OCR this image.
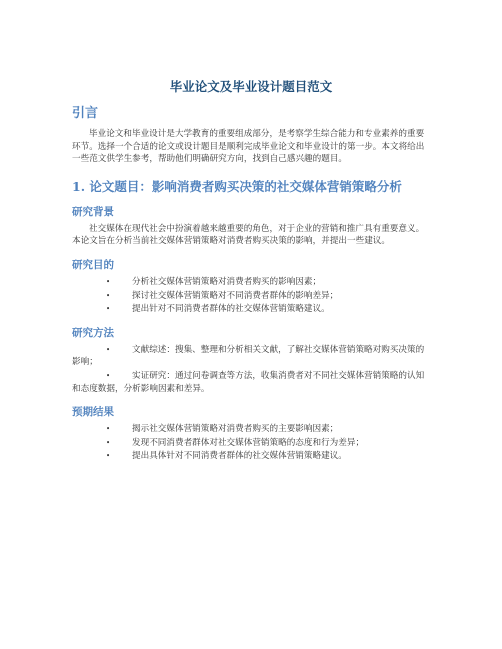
毕业论文及毕业设计题目范文
引言

毕业论文和毕业设计是大学教育的重要组成部分，是考察学生综合能力和专业素养的重要环节。选择一个合适的论文或设计题目是顺利完成毕业论文和毕业设计的第一步。本文将给出一些范文供学生参考，帮助他们明确研究方向，找到自己感兴趣的题目。

1. 论文题目：影响消费者购买决策的社交媒体营销策略分析
研究背景

社交媒体在现代社会中扮演着越来越重要的角色，对于企业的营销和推广具有重要意义。本论文旨在分析当前社交媒体营销策略对消费者购买决策的影响，并提出一些建议。

研究目的
•	分析社交媒体营销策略对消费者购买的影响因素；
•	探讨社交媒体营销策略对不同消费者群体的影响差异；
•	提出针对不同消费者群体的社交媒体营销策略建议。
研究方法
•	文献综述：搜集、整理和分析相关文献，了解社交媒体营销策略对购买决策的影响；
•	实证研究：通过问卷调查等方法，收集消费者对不同社交媒体营销策略的认知和态度数据，分析影响因素和差异。
预期结果
•	揭示社交媒体营销策略对消费者购买的主要影响因素；
•	发现不同消费者群体对社交媒体营销策略的态度和行为差异；
•	提出具体针对不同消费者群体的社交媒体营销策略建议。
